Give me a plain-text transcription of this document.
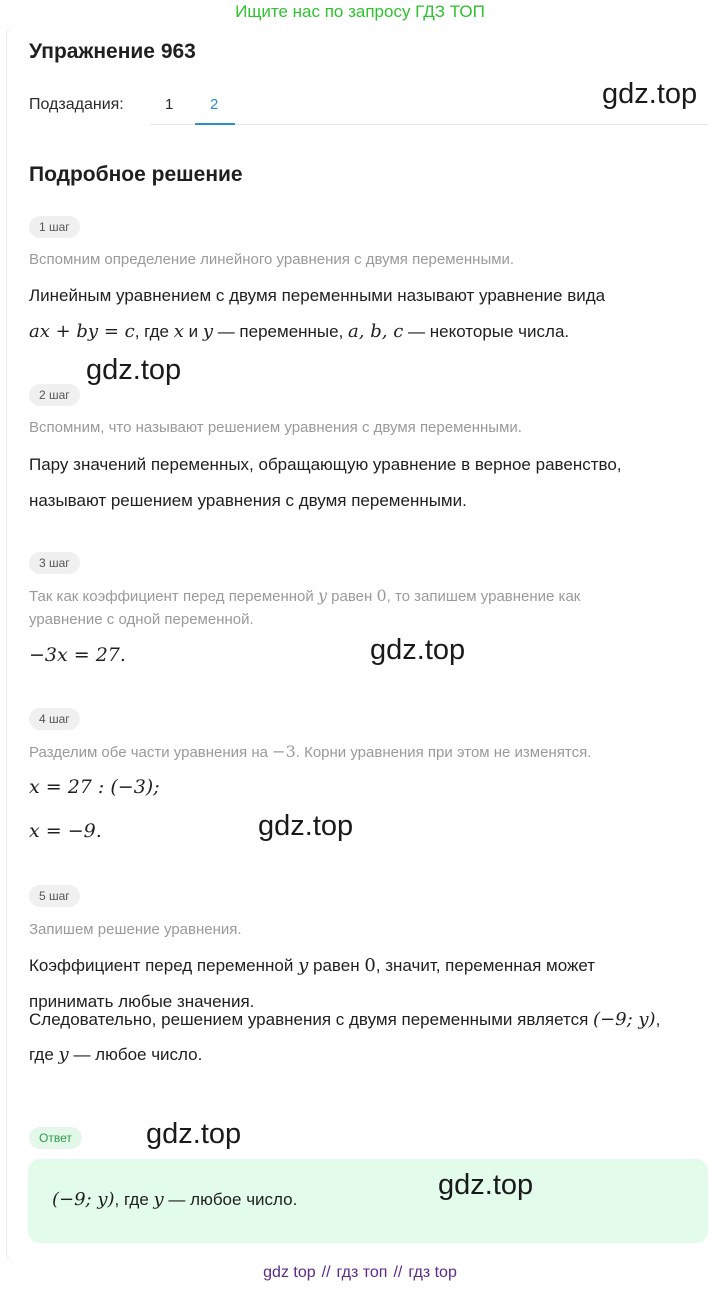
Ищите нас по запросу ГДЗ ТОП
Упражнение 963
Подзадания:	1 2	gdz.top
Подробное решение
1 шаг
Вспомним определение линейного уравнения с двумя переменными.
Линейным уравнением с двумя переменными называют уравнение вида
ax + by = c, где x и y — переменные, a, b, c — некоторые числа.
gdz.top
2 шаг
Вспомним, что называют решением уравнения с двумя переменными.
Пару значений переменных, обращающую уравнение в верное равенство,
называют решением уравнения с двумя переменными.
3 шаг
Так как коэффициент перед переменной y равен 0, то запишем уравнение как
уравнение с одной переменной.
−3x = 27.	gdz.top
4 шаг
Разделим обе части уравнения на −3. Корни уравнения при этом не изменятся.
x = 27 : (−3);
x = −9.	gdz.top
5 шаг
Запишем решение уравнения.
Коэффициент перед переменной y равен 0, значит, переменная может
принимать любые значения.
Следовательно, решением уравнения с двумя переменными является (−9; y),
где y — любое число.
Ответ	gdz.top
(−9; y), где y — любое число.	gdz.top
gdz top // гдз топ // гдз top
